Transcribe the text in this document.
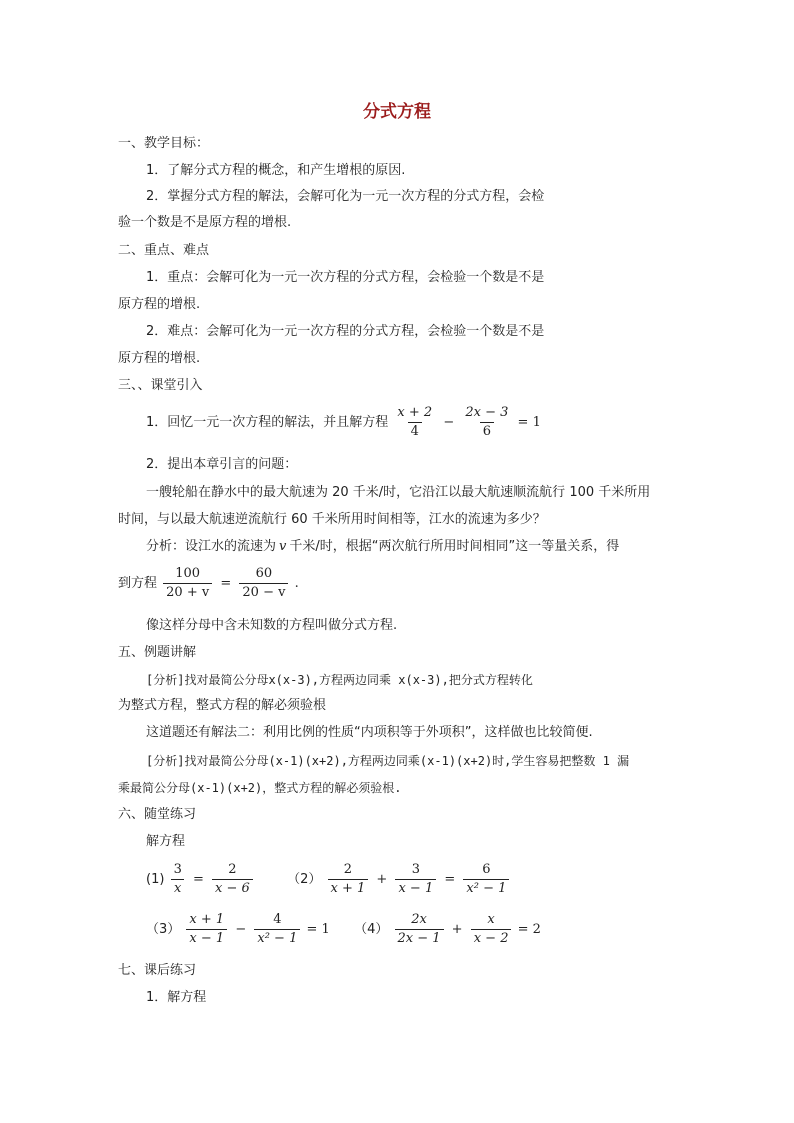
分式方程
一、教学目标：
1．了解分式方程的概念，和产生增根的原因.
2．掌握分式方程的解法，会解可化为一元一次方程的分式方程，会检
验一个数是不是原方程的增根.
二、重点、难点
1．重点：会解可化为一元一次方程的分式方程，会检验一个数是不是
原方程的增根.
2．难点：会解可化为一元一次方程的分式方程，会检验一个数是不是
原方程的增根.
三、、课堂引入
1．回忆一元一次方程的解法，并且解方程 $\frac{x + 2}{4} - \frac{2x - 3}{6} = 1$
2．提出本章引言的问题：
一艘轮船在静水中的最大航速为 20 千米/时，它沿江以最大航速顺流航行 100 千米所用
时间，与以最大航速逆流航行 60 千米所用时间相等，江水的流速为多少？
分析：设江水的流速为 v 千米/时，根据“两次航行所用时间相同”这一等量关系，得
到方程 $\frac{100}{20 + v} = \frac{60}{20 - v}$ .
像这样分母中含未知数的方程叫做分式方程.
五、例题讲解
[分析]找对最简公分母x(x-3),方程两边同乘 x(x-3),把分式方程转化
为整式方程，整式方程的解必须验根
这道题还有解法二：利用比例的性质“内项积等于外项积”，这样做也比较简便.
[分析]找对最简公分母(x-1)(x+2),方程两边同乘(x-1)(x+2)时,学生容易把整数 1 漏
乘最简公分母(x-1)(x+2)，整式方程的解必须验根.
六、随堂练习
解方程
$(1) \frac{3}{x} = \frac{2}{x - 6}$	$(2) \frac{2}{x + 1} + \frac{3}{x - 1} = \frac{6}{\text{x² − 1}}$
$(3) \frac{x + 1}{x - 1} - \frac{4}{\text{x² − 1}} = 1$ $(4) \frac{2x}{2x - 1} + \frac{x}{x - 2} = 2$
七、课后练习
1．解方程
